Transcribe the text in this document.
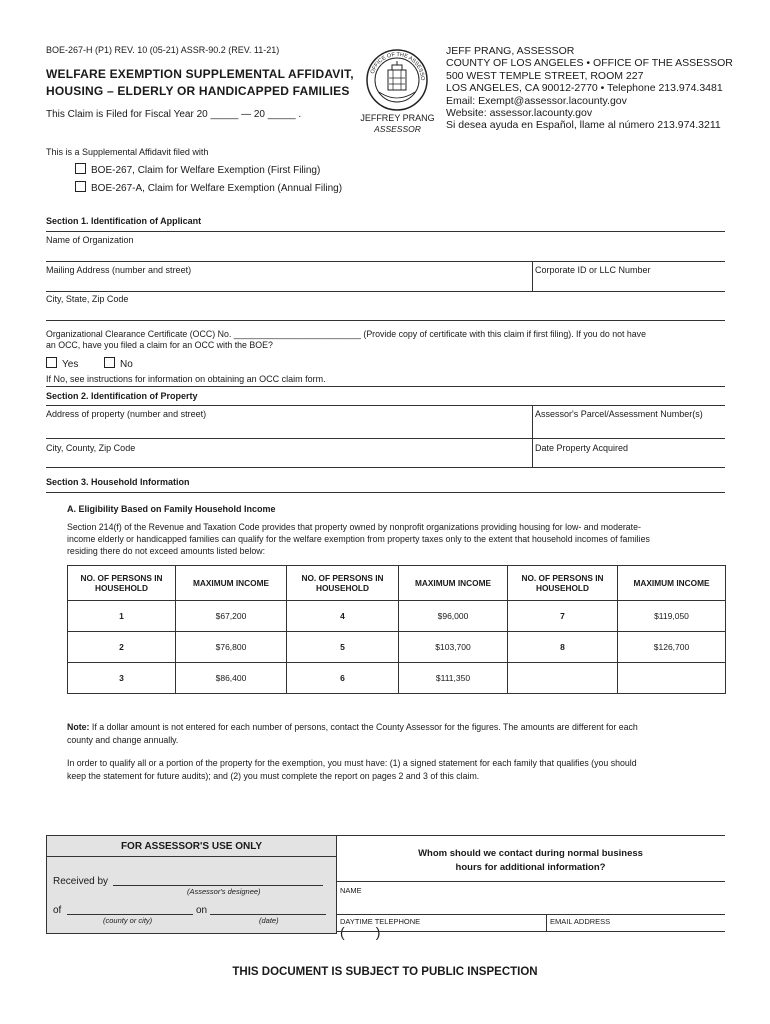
BOE-267-H (P1) REV. 10 (05-21) ASSR-90.2 (REV. 11-21)
WELFARE EXEMPTION SUPPLEMENTAL AFFIDAVIT,
HOUSING – ELDERLY OR HANDICAPPED FAMILIES
This Claim is Filed for Fiscal Year 20 _____ — 20 _____ .
OFFICE OF THE ASSESSO
JEFFREY PRANG
ASSESSOR
JEFF PRANG, ASSESSOR
COUNTY OF LOS ANGELES • OFFICE OF THE ASSESSOR
500 WEST TEMPLE STREET, ROOM 227
LOS ANGELES, CA 90012-2770 • Telephone 213.974.3481
Email: Exempt@assessor.lacounty.gov
Website: assessor.lacounty.gov
Si desea ayuda en Español, llame al número 213.974.3211
This is a Supplemental Affidavit filed with
BOE-267, Claim for Welfare Exemption (First Filing)
BOE-267-A, Claim for Welfare Exemption (Annual Filing)
Section 1. Identification of Applicant
Name of Organization
Mailing Address (number and street)	Corporate ID or LLC Number
City, State, Zip Code
Organizational Clearance Certificate (OCC) No. __________________________ (Provide copy of certificate with this claim if first filing). If you do not have
an OCC, have you filed a claim for an OCC with the BOE?
Yes	No
If No, see instructions for information on obtaining an OCC claim form.
Section 2. Identification of Property
Address of property (number and street)	Assessor's Parcel/Assessment Number(s)
City, County, Zip Code	Date Property Acquired
Section 3. Household Information
A. Eligibility Based on Family Household Income
Section 214(f) of the Revenue and Taxation Code provides that property owned by nonprofit organizations providing housing for low- and moderate-
income elderly or handicapped families can qualify for the welfare exemption from property taxes only to the extent that household incomes of families
residing there do not exceed amounts listed below:
NO. OF PERSONS IN HOUSEHOLD	MAXIMUM INCOME	NO. OF PERSONS IN HOUSEHOLD	MAXIMUM INCOME	NO. OF PERSONS IN HOUSEHOLD	MAXIMUM INCOME
1	$67,200	4	$96,000	7	$119,050
2	$76,800	5	$103,700	8	$126,700
3	$86,400	6	$111,350		
Note: If a dollar amount is not entered for each number of persons, contact the County Assessor for the figures. The amounts are different for each
county and change annually.
In order to qualify all or a portion of the property for the exemption, you must have: (1) a signed statement for each family that qualifies (you should
keep the statement for future audits); and (2) you must complete the report on pages 2 and 3 of this claim.
FOR ASSESSOR'S USE ONLY
Received by
(Assessor's designee)
of
(county or city)
on
(date)
Whom should we contact during normal business
hours for additional information?
NAME
DAYTIME TELEPHONE
(        )
EMAIL ADDRESS
THIS DOCUMENT IS SUBJECT TO PUBLIC INSPECTION
